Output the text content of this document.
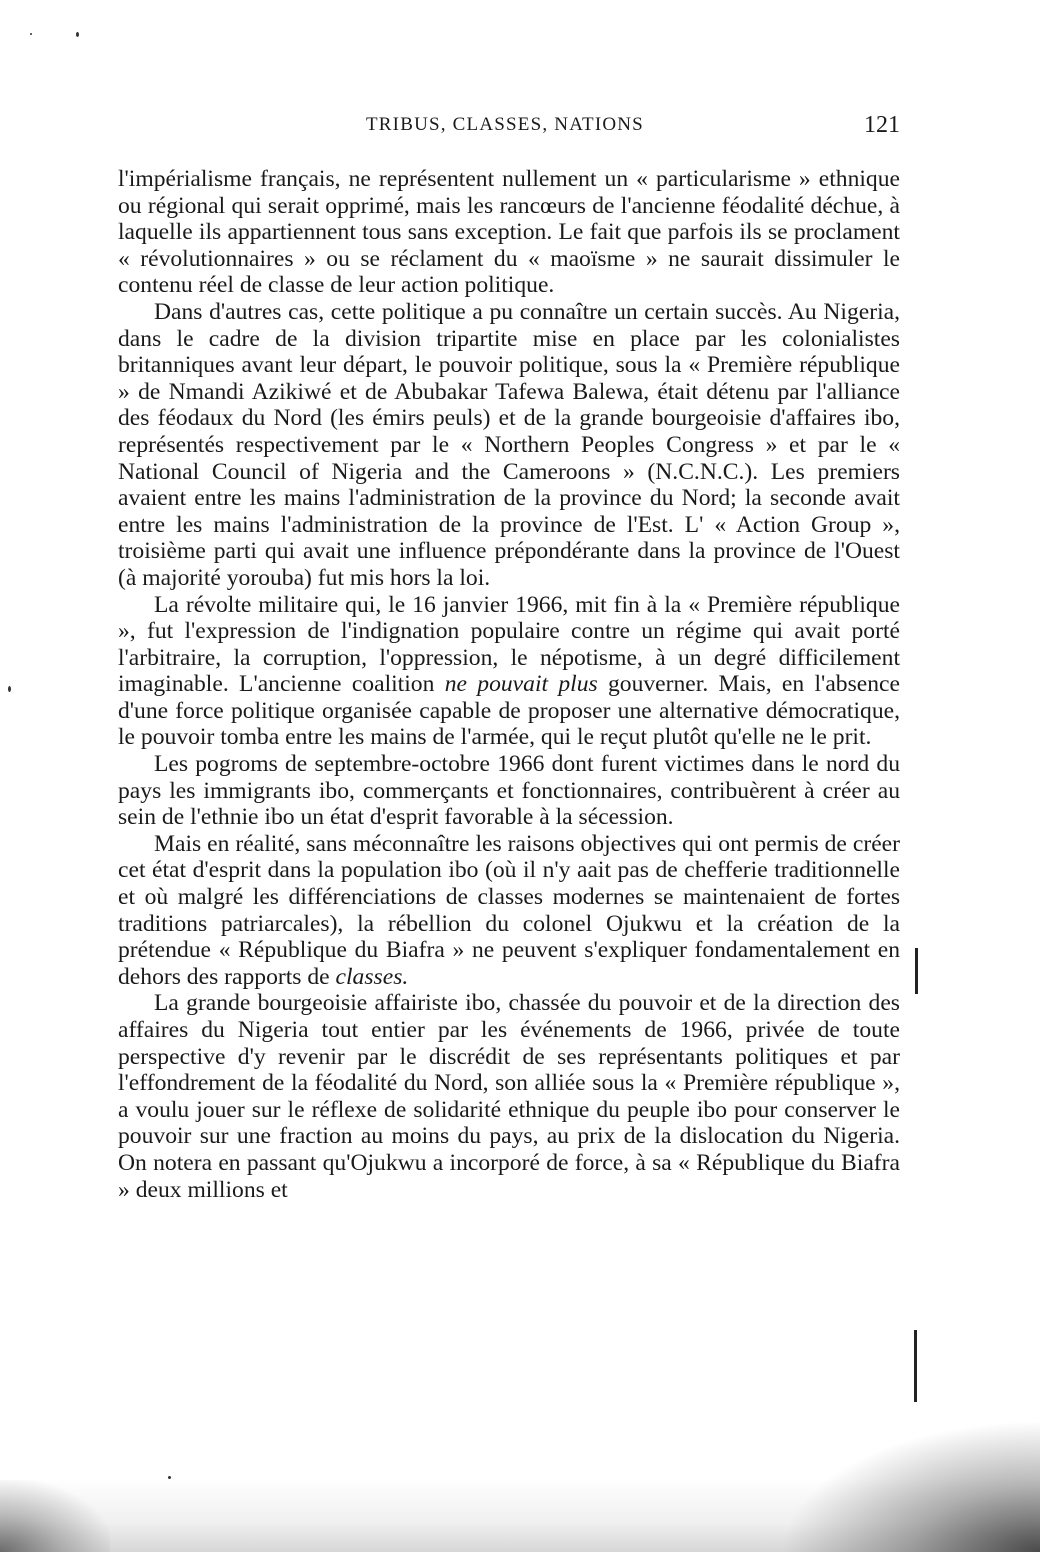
TRIBUS, CLASSES, NATIONS	121

l'impérialisme français, ne représentent nullement un « particularisme » ethnique ou régional qui serait opprimé, mais les rancœurs de l'ancienne féodalité déchue, à laquelle ils appartiennent tous sans exception. Le fait que parfois ils se proclament « révolutionnaires » ou se réclament du « maoïsme » ne saurait dissimuler le contenu réel de classe de leur action politique.

Dans d'autres cas, cette politique a pu connaître un certain succès. Au Nigeria, dans le cadre de la division tripartite mise en place par les colonialistes britanniques avant leur départ, le pouvoir politique, sous la « Première république » de Nmandi Azikiwé et de Abubakar Tafewa Balewa, était détenu par l'alliance des féodaux du Nord (les émirs peuls) et de la grande bourgeoisie d'affaires ibo, représentés respectivement par le « Northern Peoples Congress » et par le « National Council of Nigeria and the Cameroons » (N.C.N.C.). Les premiers avaient entre les mains l'administration de la province du Nord; la seconde avait entre les mains l'administration de la province de l'Est. L' « Action Group », troisième parti qui avait une influence prépondérante dans la province de l'Ouest (à majorité yorouba) fut mis hors la loi.

La révolte militaire qui, le 16 janvier 1966, mit fin à la « Première république », fut l'expression de l'indignation populaire contre un régime qui avait porté l'arbitraire, la corruption, l'oppression, le népotisme, à un degré difficilement imaginable. L'ancienne coalition ne pouvait plus gouverner. Mais, en l'absence d'une force politique organisée capable de proposer une alternative démocratique, le pouvoir tomba entre les mains de l'armée, qui le reçut plutôt qu'elle ne le prit.

Les pogroms de septembre-octobre 1966 dont furent victimes dans le nord du pays les immigrants ibo, commerçants et fonctionnaires, contribuèrent à créer au sein de l'ethnie ibo un état d'esprit favorable à la sécession.

Mais en réalité, sans méconnaître les raisons objectives qui ont permis de créer cet état d'esprit dans la population ibo (où il n'y aait pas de chefferie traditionnelle et où malgré les différenciations de classes modernes se maintenaient de fortes traditions patriarcales), la rébellion du colonel Ojukwu et la création de la prétendue « République du Biafra » ne peuvent s'expliquer fondamentalement en dehors des rapports de classes.

La grande bourgeoisie affairiste ibo, chassée du pouvoir et de la direction des affaires du Nigeria tout entier par les événements de 1966, privée de toute perspective d'y revenir par le discrédit de ses représentants politiques et par l'effondrement de la féodalité du Nord, son alliée sous la « Première république », a voulu jouer sur le réflexe de solidarité ethnique du peuple ibo pour conserver le pouvoir sur une fraction au moins du pays, au prix de la dislocation du Nigeria. On notera en passant qu'Ojukwu a incorporé de force, à sa « République du Biafra » deux millions et
